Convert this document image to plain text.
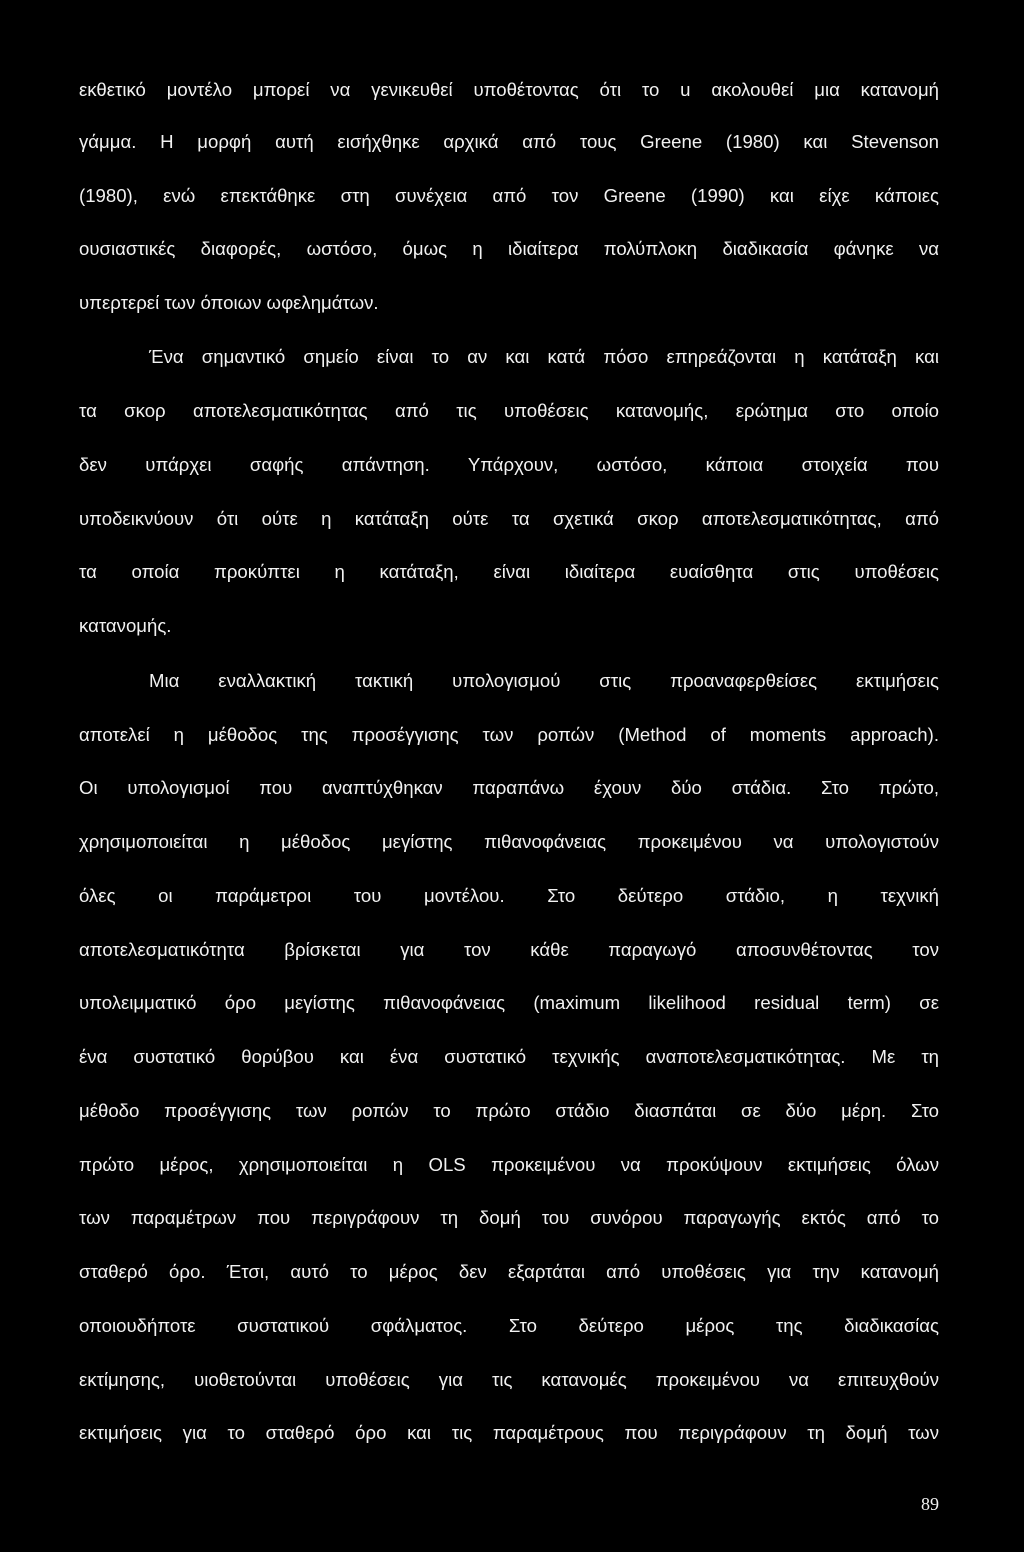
εκθετικό μοντέλο μπορεί να γενικευθεί υποθέτοντας ότι το u ακολουθεί μια κατανομή
γάμμα. Η μορφή αυτή εισήχθηκε αρχικά από τους Greene (1980) και Stevenson
(1980), ενώ επεκτάθηκε στη συνέχεια από τον Greene (1990) και είχε κάποιες
ουσιαστικές διαφορές, ωστόσο, όμως η ιδιαίτερα πολύπλοκη διαδικασία φάνηκε να
υπερτερεί των όποιων ωφελημάτων.
Ένα σημαντικό σημείο είναι το αν και κατά πόσο επηρεάζονται η κατάταξη και
τα σκορ αποτελεσματικότητας από τις υποθέσεις κατανομής, ερώτημα στο οποίο
δεν υπάρχει σαφής απάντηση. Υπάρχουν, ωστόσο, κάποια στοιχεία που
υποδεικνύουν ότι ούτε η κατάταξη ούτε τα σχετικά σκορ αποτελεσματικότητας, από
τα οποία προκύπτει η κατάταξη, είναι ιδιαίτερα ευαίσθητα στις υποθέσεις
κατανομής.
Μια εναλλακτική τακτική υπολογισμού στις προαναφερθείσες εκτιμήσεις
αποτελεί η μέθοδος της προσέγγισης των ροπών (Method of moments approach).
Οι υπολογισμοί που αναπτύχθηκαν παραπάνω έχουν δύο στάδια. Στο πρώτο,
χρησιμοποιείται η μέθοδος μεγίστης πιθανοφάνειας προκειμένου να υπολογιστούν
όλες οι παράμετροι του μοντέλου. Στο δεύτερο στάδιο, η τεχνική
αποτελεσματικότητα βρίσκεται για τον κάθε παραγωγό αποσυνθέτοντας τον
υπολειμματικό όρο μεγίστης πιθανοφάνειας (maximum likelihood residual term) σε
ένα συστατικό θορύβου και ένα συστατικό τεχνικής αναποτελεσματικότητας. Με τη
μέθοδο προσέγγισης των ροπών το πρώτο στάδιο διασπάται σε δύο μέρη. Στο
πρώτο μέρος, χρησιμοποιείται η OLS προκειμένου να προκύψουν εκτιμήσεις όλων
των παραμέτρων που περιγράφουν τη δομή του συνόρου παραγωγής εκτός από το
σταθερό όρο. Έτσι, αυτό το μέρος δεν εξαρτάται από υποθέσεις για την κατανομή
οποιουδήποτε συστατικού σφάλματος. Στο δεύτερο μέρος της διαδικασίας
εκτίμησης, υιοθετούνται υποθέσεις για τις κατανομές προκειμένου να επιτευχθούν
εκτιμήσεις για το σταθερό όρο και τις παραμέτρους που περιγράφουν τη δομή των
89
